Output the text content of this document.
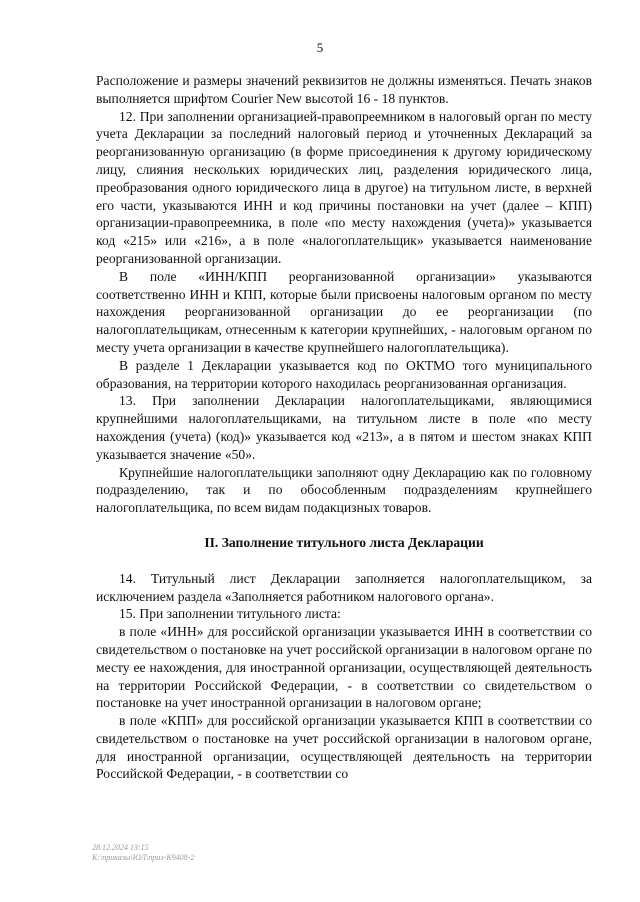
5

Расположение и размеры значений реквизитов не должны изменяться. Печать знаков выполняется шрифтом Courier New высотой 16 - 18 пунктов.

12. При заполнении организацией-правопреемником в налоговый орган по месту учета Декларации за последний налоговый период и уточненных Деклараций за реорганизованную организацию (в форме присоединения к другому юридическому лицу, слияния нескольких юридических лиц, разделения юридического лица, преобразования одного юридического лица в другое) на титульном листе, в верхней его части, указываются ИНН и код причины постановки на учет (далее – КПП) организации-правопреемника, в поле «по месту нахождения (учета)» указывается код «215» или «216», а в поле «налогоплательщик» указывается наименование реорганизованной организации.

В поле «ИНН/КПП реорганизованной организации» указываются соответственно ИНН и КПП, которые были присвоены налоговым органом по месту нахождения реорганизованной организации до ее реорганизации (по налогоплательщикам, отнесенным к категории крупнейших, - налоговым органом по месту учета организации в качестве крупнейшего налогоплательщика).

В разделе 1 Декларации указывается код по ОКТМО того муниципального образования, на территории которого находилась реорганизованная организация.

13. При заполнении Декларации налогоплательщиками, являющимися крупнейшими налогоплательщиками, на титульном листе в поле «по месту нахождения (учета) (код)» указывается код «213», а в пятом и шестом знаках КПП указывается значение «50».

Крупнейшие налогоплательщики заполняют одну Декларацию как по головному подразделению, так и по обособленным подразделениям крупнейшего налогоплательщика, по всем видам подакцизных товаров.

II. Заполнение титульного листа Декларации

14. Титульный лист Декларации заполняется налогоплательщиком, за исключением раздела «Заполняется работником налогового органа».

15. При заполнении титульного листа:

в поле «ИНН» для российской организации указывается ИНН в соответствии со свидетельством о постановке на учет российской организации в налоговом органе по месту ее нахождения, для иностранной организации, осуществляющей деятельность на территории Российской Федерации, - в соответствии со свидетельством о постановке на учет иностранной организации в налоговом органе;

в поле «КПП» для российской организации указывается КПП в соответствии со свидетельством о постановке на учет российской организации в налоговом органе, для иностранной организации, осуществляющей деятельность на территории Российской Федерации, - в соответствии со

28.12.2024 13:15
К:\приказы\ЮЛ\прил-К9408-2
